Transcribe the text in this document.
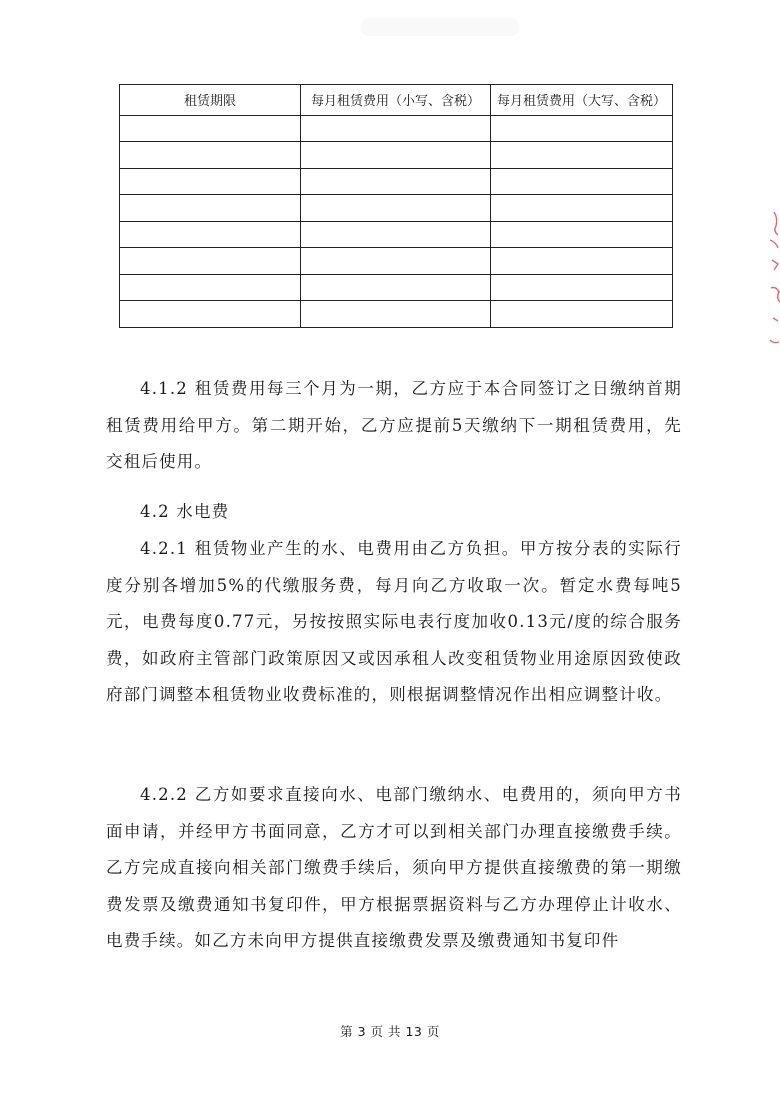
租赁期限	每月租赁费用（小写、含税）	每月租赁费用（大写、含税）

4.1.2 租赁费用每三个月为一期，乙方应于本合同签订之日缴纳首期租赁费用给甲方。第二期开始，乙方应提前5天缴纳下一期租赁费用，先交租后使用。
4.2 水电费
4.2.1 租赁物业产生的水、电费用由乙方负担。甲方按分表的实际行度分别各增加5%的代缴服务费，每月向乙方收取一次。暂定水费每吨5元，电费每度0.77元，另按按照实际电表行度加收0.13元/度的综合服务费，如政府主管部门政策原因又或因承租人改变租赁物业用途原因致使政府部门调整本租赁物业收费标准的，则根据调整情况作出相应调整计收。
4.2.2 乙方如要求直接向水、电部门缴纳水、电费用的，须向甲方书面申请，并经甲方书面同意，乙方才可以到相关部门办理直接缴费手续。乙方完成直接向相关部门缴费手续后，须向甲方提供直接缴费的第一期缴费发票及缴费通知书复印件，甲方根据票据资料与乙方办理停止计收水、电费手续。如乙方未向甲方提供直接缴费发票及缴费通知书复印件
第 3 页 共 13 页
